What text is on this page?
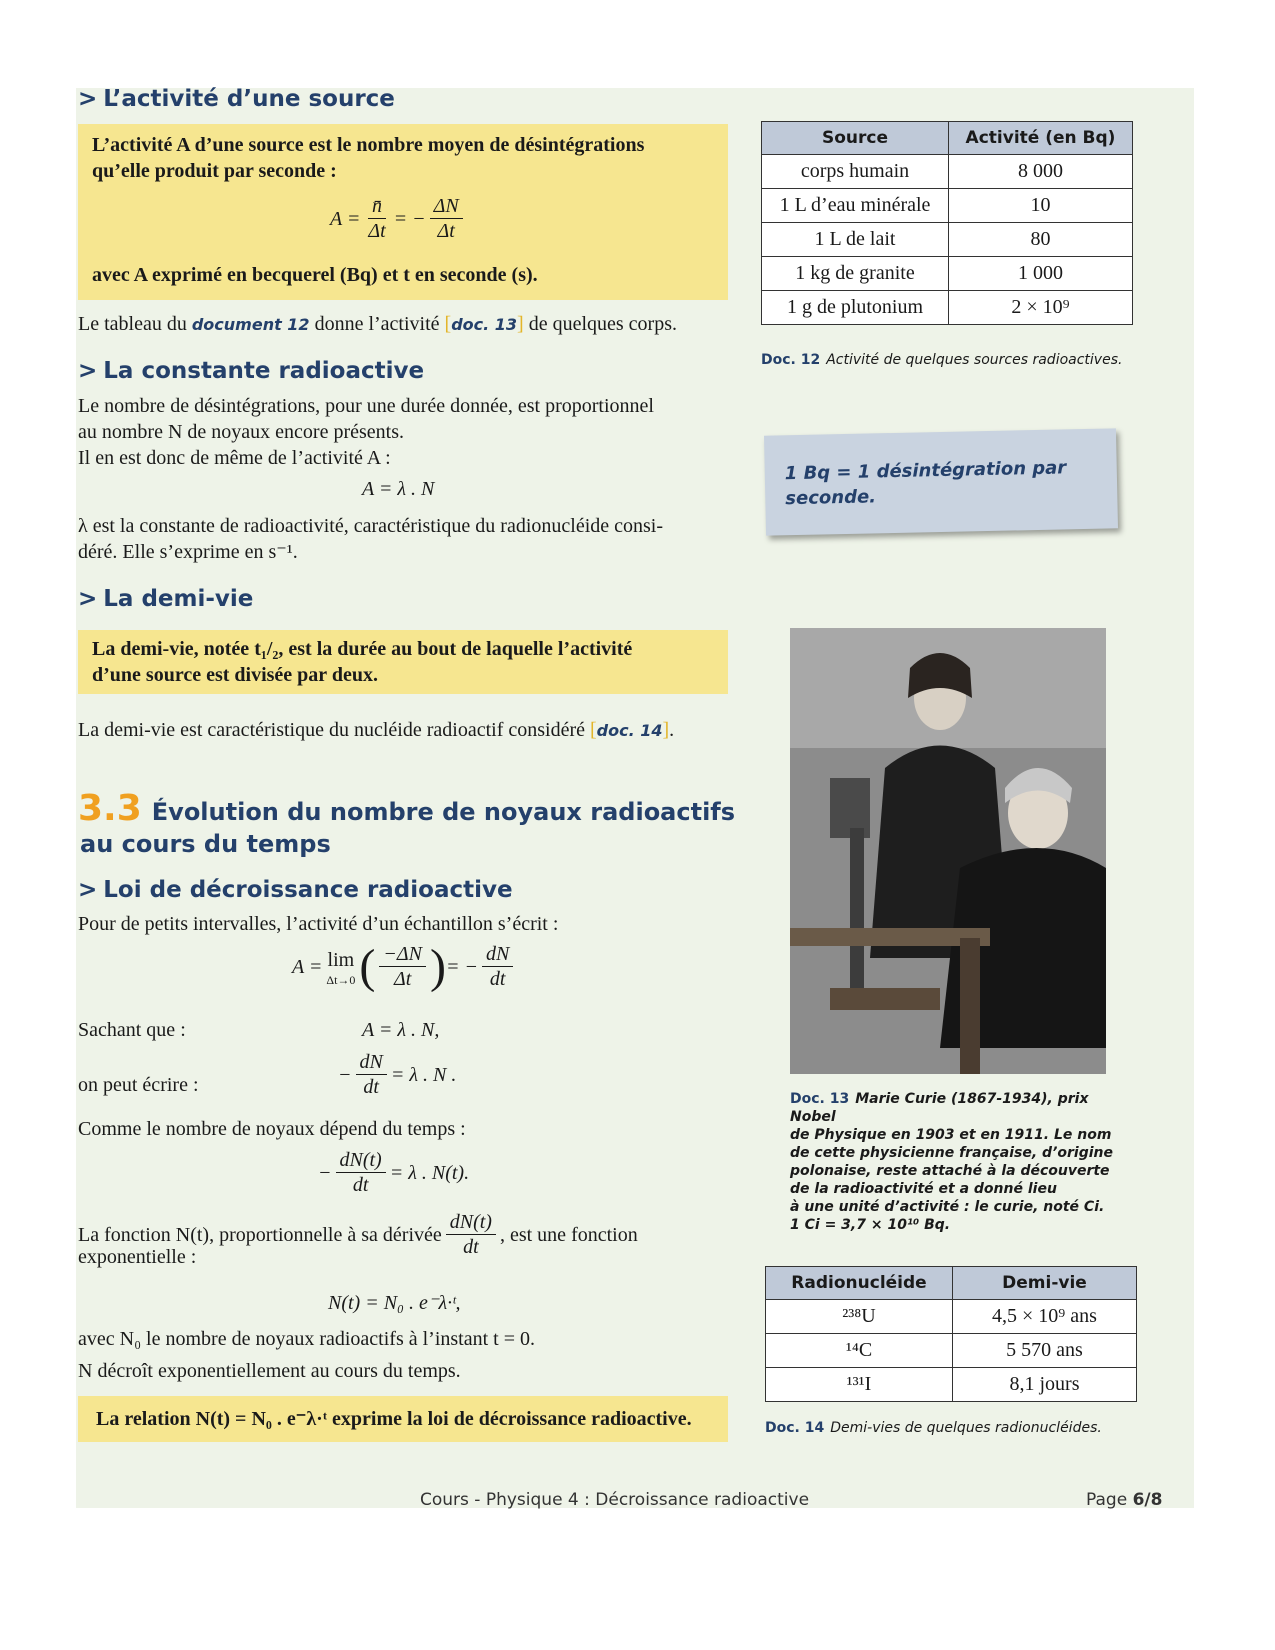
> L’activité d’une source
L’activité A d’une source est le nombre moyen de désintégrations
qu’elle produit par seconde :
$A = \frac{n̄}{\Delta t}$ = − $\frac{\Delta N}{\Delta t}$
avec A exprimé en becquerel (Bq) et t en seconde (s).
Le tableau du document 12 donne l’activité [doc. 13] de quelques corps.
> La constante radioactive
Le nombre de désintégrations, pour une durée donnée, est proportionnel
au nombre N de noyaux encore présents.
Il en est donc de même de l’activité A :
A = λ . N
λ est la constante de radioactivité, caractéristique du radionucléide consi-
déré. Elle s’exprime en s⁻¹.
> La demi-vie
La demi-vie, notée t₁/₂, est la durée au bout de laquelle l’activité
d’une source est divisée par deux.
La demi-vie est caractéristique du nucléide radioactif considéré [doc. 14].
3.3 Évolution du nombre de noyaux radioactifs
au cours du temps
> Loi de décroissance radioactive
Pour de petits intervalles, l’activité d’un échantillon s’écrit :
A = lim
Δt→0 ( $\frac{-\Delta N}{\Delta t}$ ) = − $\frac{dN}{dt}$
Sachant que :	A = λ . N,
on peut écrire :	− $\frac{dN}{dt} = \lambda$ . N .
Comme le nombre de noyaux dépend du temps :
− $\frac{dN(t)}{dt} = \lambda$ . N(t).
La fonction N(t), proportionnelle à sa dérivée $\frac{dN(t)}{dt}$ , est une fonction
exponentielle :
N(t) = N₀ . e⁻λ·ᵗ,
avec N₀ le nombre de noyaux radioactifs à l’instant t = 0.
N décroît exponentiellement au cours du temps.
La relation N(t) = N₀ . e⁻λ·ᵗ exprime la loi de décroissance radioactive.
Source	Activité (en Bq)
corps humain	8 000
1 L d’eau minérale	10
1 L de lait	80
1 kg de granite	1 000
1 g de plutonium	2 × 10⁹
Doc. 12 Activité de quelques sources radioactives.
1 Bq = 1 désintégration par
seconde.
Doc. 13 Marie Curie (1867-1934), prix Nobel
de Physique en 1903 et en 1911. Le nom
de cette physicienne française, d’origine
polonaise, reste attaché à la découverte
de la radioactivité et a donné lieu
à une unité d’activité : le curie, noté Ci.
1 Ci = 3,7 × 10¹⁰ Bq.
Radionucléide	Demi-vie
²³⁸U	4,5 × 10⁹ ans
¹⁴C	5 570 ans
¹³¹I	8,1 jours
Doc. 14 Demi-vies de quelques radionucléides.
Cours - Physique 4 : Décroissance radioactive	Page 6/8
